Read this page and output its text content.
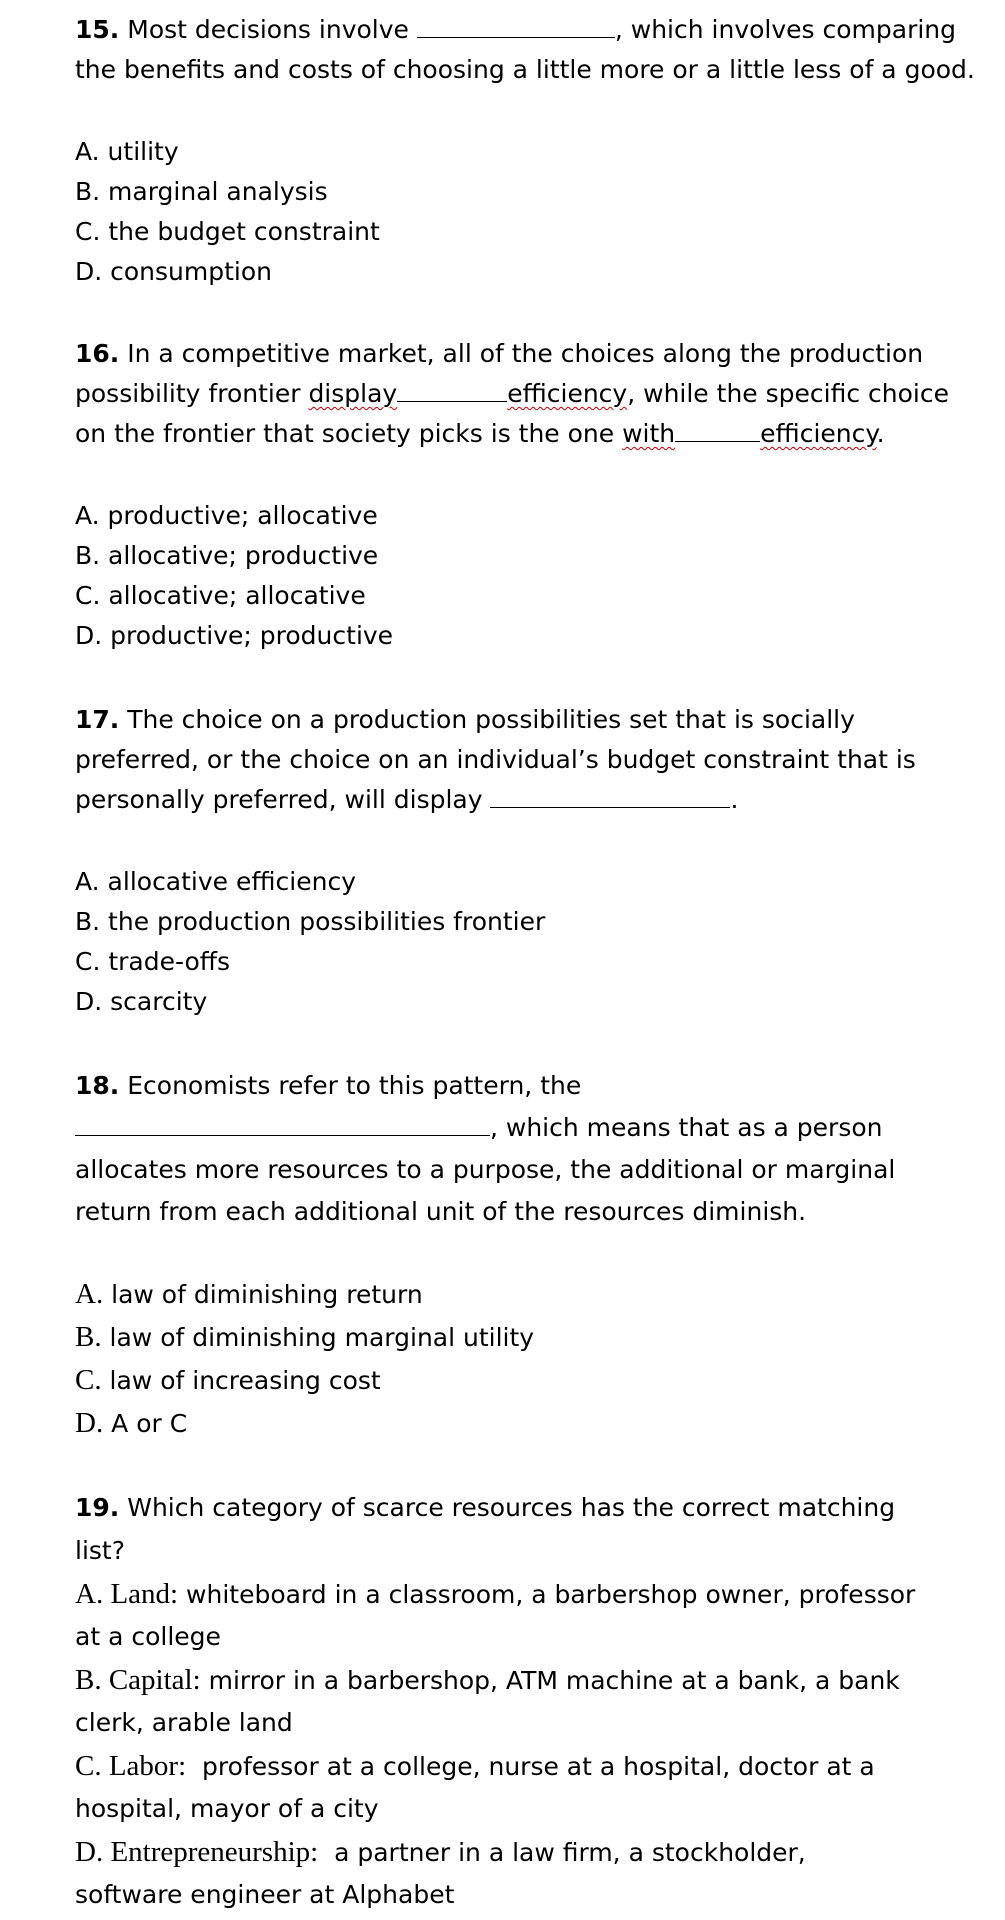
15. Most decisions involve	, which involves comparing
the benefits and costs of choosing a little more or a little less of a good.
A. utility
B. marginal analysis
C. the budget constraint
D. consumption
16. In a competitive market, all of the choices along the production
possibility frontier display	efficiency, while the specific choice
on the frontier that society picks is the one with	efficiency.
A. productive; allocative
B. allocative; productive
C. allocative; allocative
D. productive; productive
17. The choice on a production possibilities set that is socially
preferred, or the choice on an individual’s budget constraint that is
personally preferred, will display	.
A. allocative efficiency
B. the production possibilities frontier
C. trade-offs
D. scarcity
18. Economists refer to this pattern, the
, which means that as a person
allocates more resources to a purpose, the additional or marginal
return from each additional unit of the resources diminish.
A. law of diminishing return
B. law of diminishing marginal utility
C. law of increasing cost
D. A or C
19. Which category of scarce resources has the correct matching
list?
A. Land: whiteboard in a classroom, a barbershop owner, professor
at a college
B. Capital: mirror in a barbershop, ATM machine at a bank, a bank
clerk, arable land
C. Labor:  professor at a college, nurse at a hospital, doctor at a
hospital, mayor of a city
D. Entrepreneurship:  a partner in a law firm, a stockholder,
software engineer at Alphabet
